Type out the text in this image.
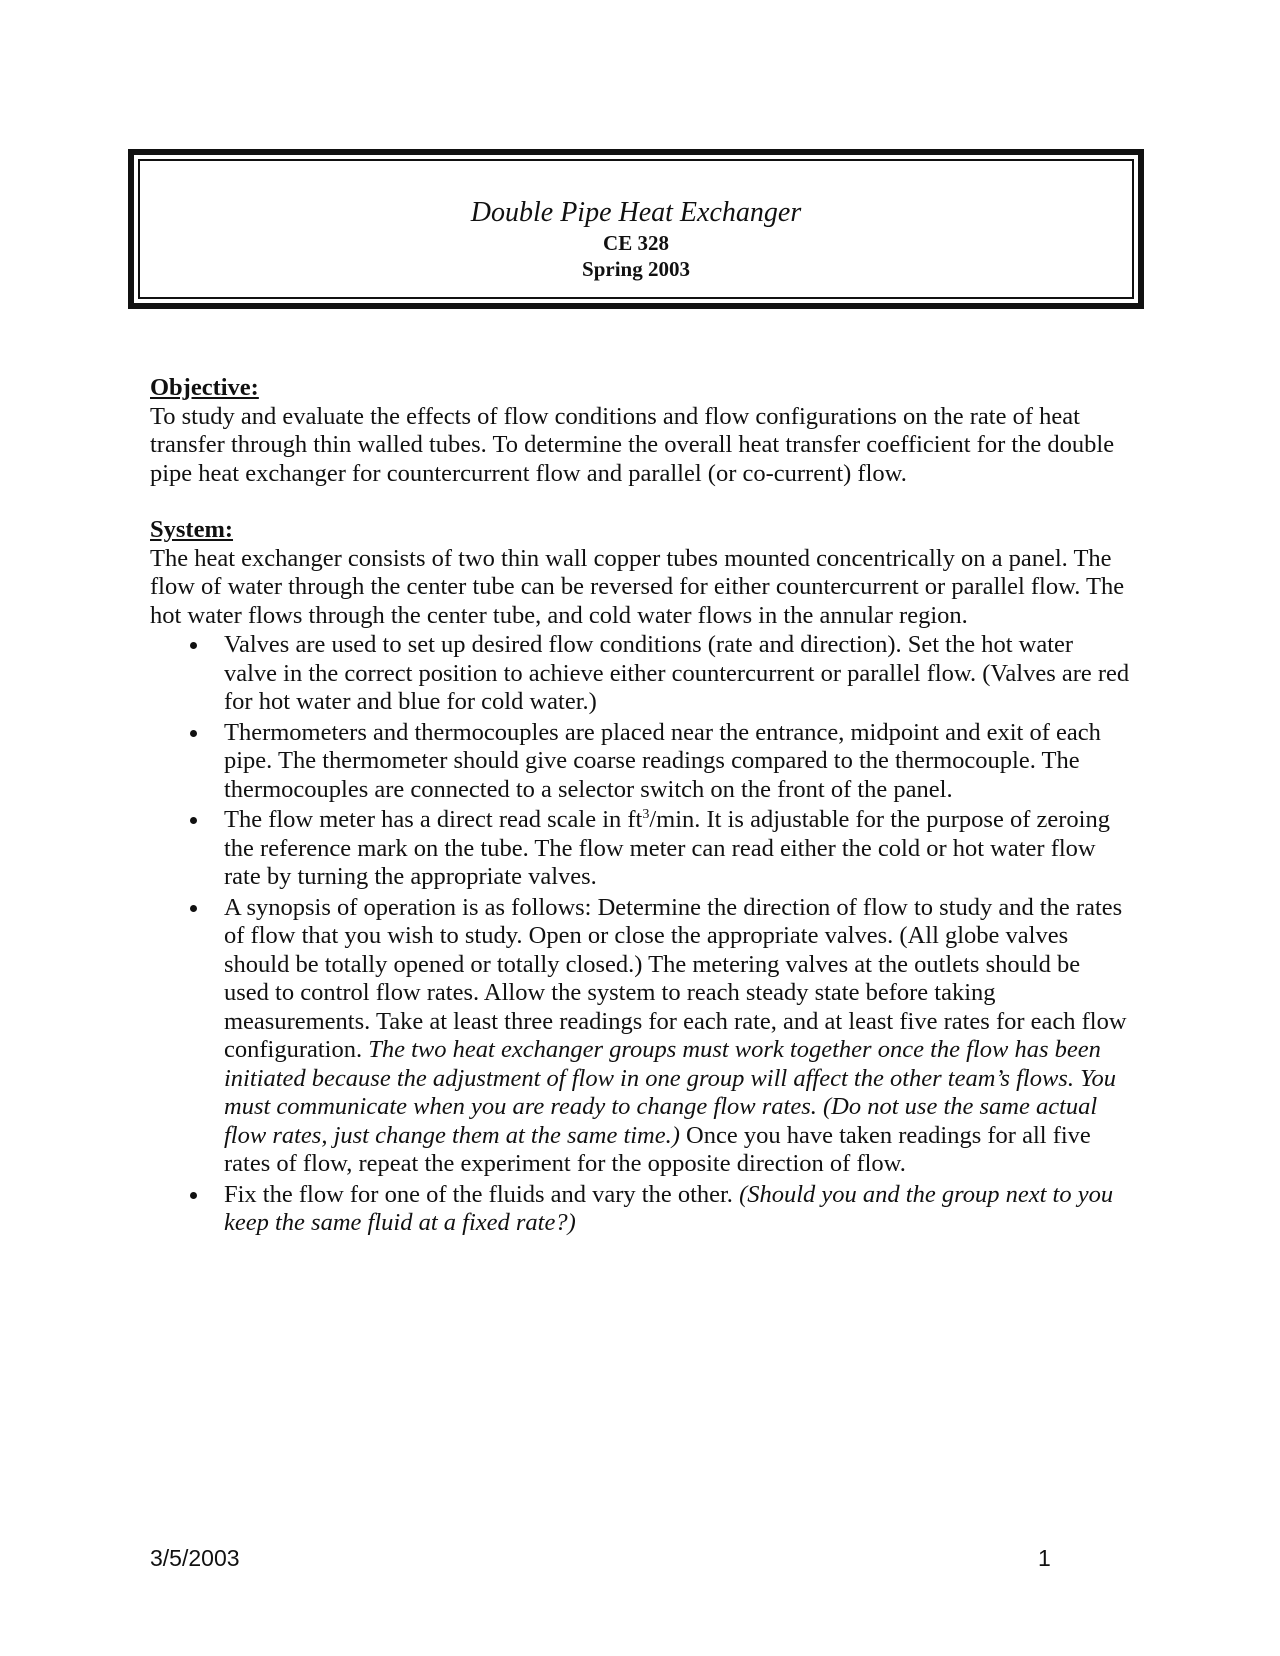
Double Pipe Heat Exchanger
CE 328
Spring 2003
Objective:

To study and evaluate the effects of flow conditions and flow configurations on the rate of heat transfer through thin walled tubes. To determine the overall heat transfer coefficient for the double pipe heat exchanger for countercurrent flow and parallel (or co-current) flow.

System:

The heat exchanger consists of two thin wall copper tubes mounted concentrically on a panel. The flow of water through the center tube can be reversed for either countercurrent or parallel flow. The hot water flows through the center tube, and cold water flows in the annular region.

Valves are used to set up desired flow conditions (rate and direction). Set the hot water valve in the correct position to achieve either countercurrent or parallel flow. (Valves are red for hot water and blue for cold water.)
Thermometers and thermocouples are placed near the entrance, midpoint and exit of each pipe. The thermometer should give coarse readings compared to the thermocouple. The thermocouples are connected to a selector switch on the front of the panel.
The flow meter has a direct read scale in $ft^3/\min$. It is adjustable for the purpose of zeroing the reference mark on the tube. The flow meter can read either the cold or hot water flow rate by turning the appropriate valves.
A synopsis of operation is as follows: Determine the direction of flow to study and the rates of flow that you wish to study. Open or close the appropriate valves. (All globe valves should be totally opened or totally closed.) The metering valves at the outlets should be used to control flow rates. Allow the system to reach steady state before taking measurements. Take at least three readings for each rate, and at least five rates for each flow configuration. The two heat exchanger groups must work together once the flow has been initiated because the adjustment of flow in one group will affect the other team’s flows. You must communicate when you are ready to change flow rates. (Do not use the same actual flow rates, just change them at the same time.) Once you have taken readings for all five rates of flow, repeat the experiment for the opposite direction of flow.
Fix the flow for one of the fluids and vary the other. (Should you and the group next to you keep the same fluid at a fixed rate?)
3/5/2003	1
